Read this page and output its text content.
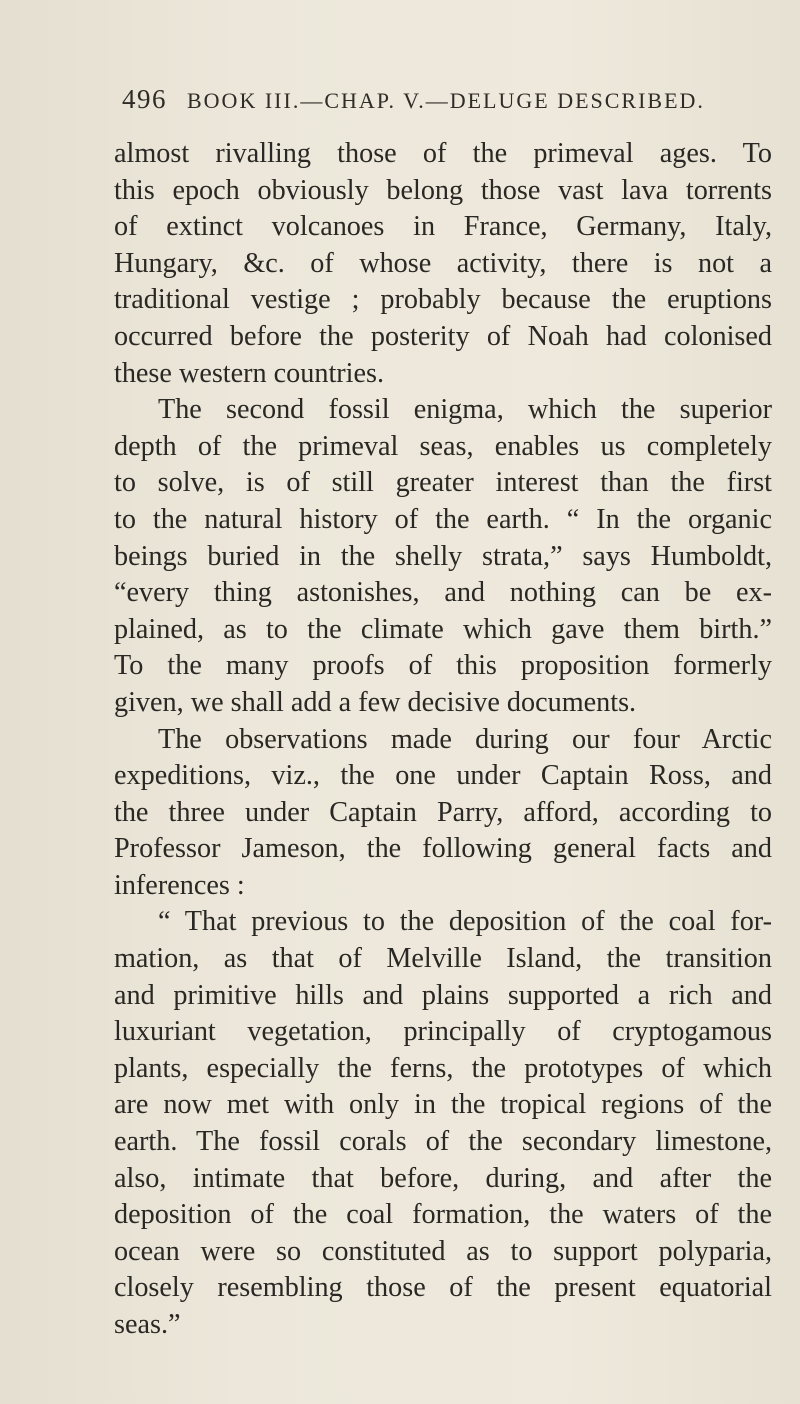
496 BOOK III.—CHAP. V.—DELUGE DESCRIBED.
almost rivalling those of the primeval ages. To
this epoch obviously belong those vast lava torrents
of extinct volcanoes in France, Germany, Italy,
Hungary, &c. of whose activity, there is not a
traditional vestige ; probably because the eruptions
occurred before the posterity of Noah had colonised
these western countries.
The second fossil enigma, which the superior
depth of the primeval seas, enables us completely
to solve, is of still greater interest than the first
to the natural history of the earth. “ In the organic
beings buried in the shelly strata,” says Humboldt,
“every thing astonishes, and nothing can be ex-
plained, as to the climate which gave them birth.”
To the many proofs of this proposition formerly
given, we shall add a few decisive documents.
The observations made during our four Arctic
expeditions, viz., the one under Captain Ross, and
the three under Captain Parry, afford, according to
Professor Jameson, the following general facts and
inferences :
“ That previous to the deposition of the coal for-
mation, as that of Melville Island, the transition
and primitive hills and plains supported a rich and
luxuriant vegetation, principally of cryptogamous
plants, especially the ferns, the prototypes of which
are now met with only in the tropical regions of the
earth. The fossil corals of the secondary limestone,
also, intimate that before, during, and after the
deposition of the coal formation, the waters of the
ocean were so constituted as to support polyparia,
closely resembling those of the present equatorial
seas.”
